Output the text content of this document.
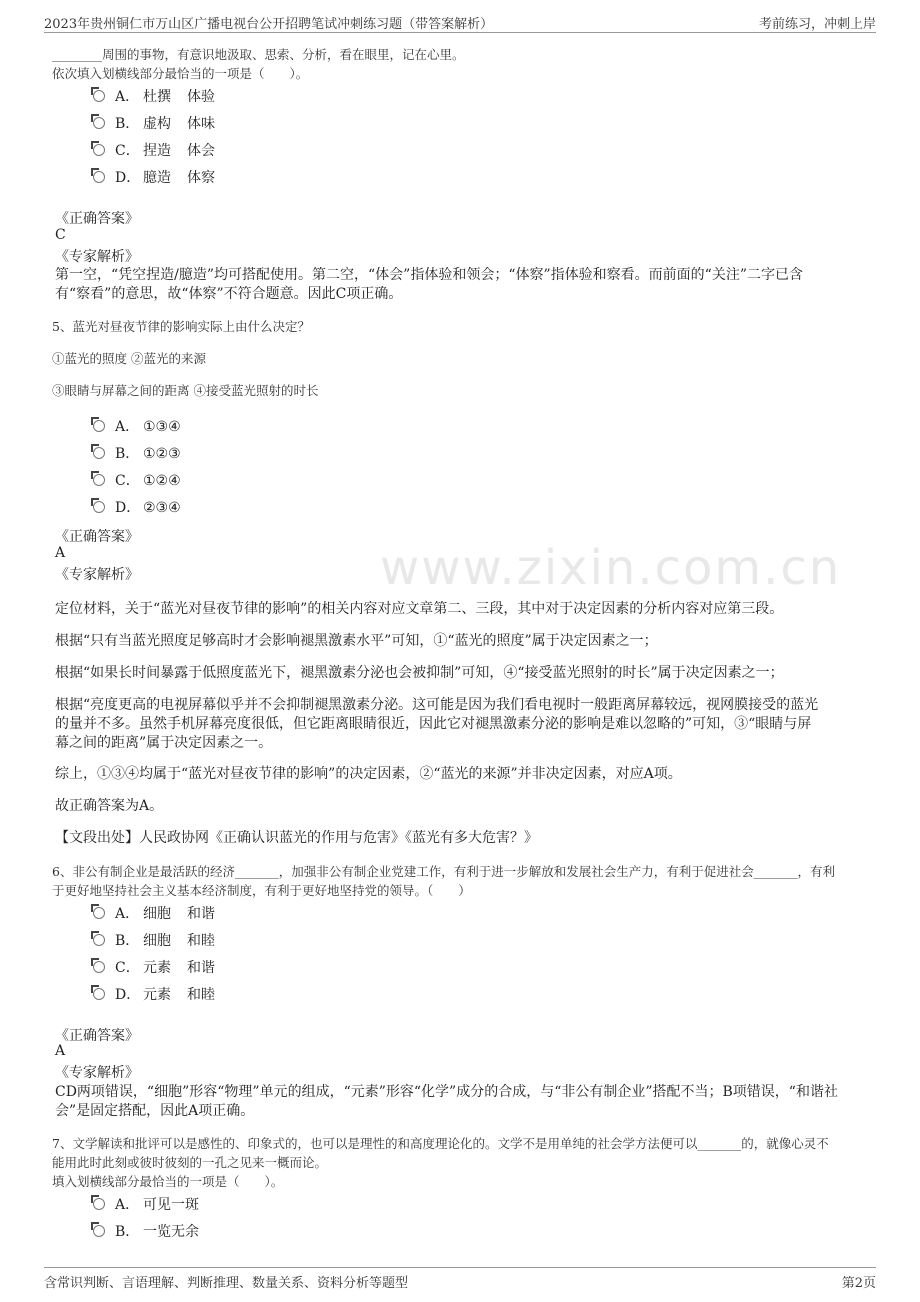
2023年贵州铜仁市万山区广播电视台公开招聘笔试冲刺练习题（带答案解析）	考前练习，冲刺上岸
www.zixin.com.cn
________周围的事物，有意识地汲取、思索、分析，看在眼里，记在心里。
依次填入划横线部分最恰当的一项是（　　）。
A． 杜撰 体验
B． 虚构 体味
C． 捏造 体会
D． 臆造 体察
《正确答案》
C
《专家解析》
第一空，“凭空捏造/臆造”均可搭配使用。第二空，“体会”指体验和领会；“体察”指体验和察看。而前面的“关注”二字已含
有“察看”的意思，故“体察”不符合题意。因此C项正确。
5、蓝光对昼夜节律的影响实际上由什么决定？
①蓝光的照度 ②蓝光的来源
③眼睛与屏幕之间的距离 ④接受蓝光照射的时长
A． ①③④
B． ①②③
C． ①②④
D． ②③④
《正确答案》
A
《专家解析》
定位材料，关于“蓝光对昼夜节律的影响”的相关内容对应文章第二、三段，其中对于决定因素的分析内容对应第三段。
根据“只有当蓝光照度足够高时才会影响褪黑激素水平”可知，①“蓝光的照度”属于决定因素之一；
根据“如果长时间暴露于低照度蓝光下，褪黑激素分泌也会被抑制”可知，④“接受蓝光照射的时长”属于决定因素之一；
根据“亮度更高的电视屏幕似乎并不会抑制褪黑激素分泌。这可能是因为我们看电视时一般距离屏幕较远，视网膜接受的蓝光
的量并不多。虽然手机屏幕亮度很低，但它距离眼睛很近，因此它对褪黑激素分泌的影响是难以忽略的”可知，③“眼睛与屏
幕之间的距离”属于决定因素之一。
综上，①③④均属于“蓝光对昼夜节律的影响”的决定因素，②“蓝光的来源”并非决定因素，对应A项。
故正确答案为A。
【文段出处】人民政协网《正确认识蓝光的作用与危害》《蓝光有多大危害？》
6、非公有制企业是最活跃的经济_______，加强非公有制企业党建工作，有利于进一步解放和发展社会生产力，有利于促进社会_______，有利
于更好地坚持社会主义基本经济制度，有利于更好地坚持党的领导。（　　）
A． 细胞 和谐
B． 细胞 和睦
C． 元素 和谐
D． 元素 和睦
《正确答案》
A
《专家解析》
CD两项错误，“细胞”形容“物理”单元的组成，“元素”形容“化学”成分的合成，与“非公有制企业”搭配不当；B项错误，“和谐社
会”是固定搭配，因此A项正确。
7、文学解读和批评可以是感性的、印象式的，也可以是理性的和高度理论化的。文学不是用单纯的社会学方法便可以_______的，就像心灵不
能用此时此刻或彼时彼刻的一孔之见来一概而论。
填入划横线部分最恰当的一项是（　　）。
A． 可见一斑
B． 一览无余
含常识判断、言语理解、判断推理、数量关系、资料分析等题型	第2页
